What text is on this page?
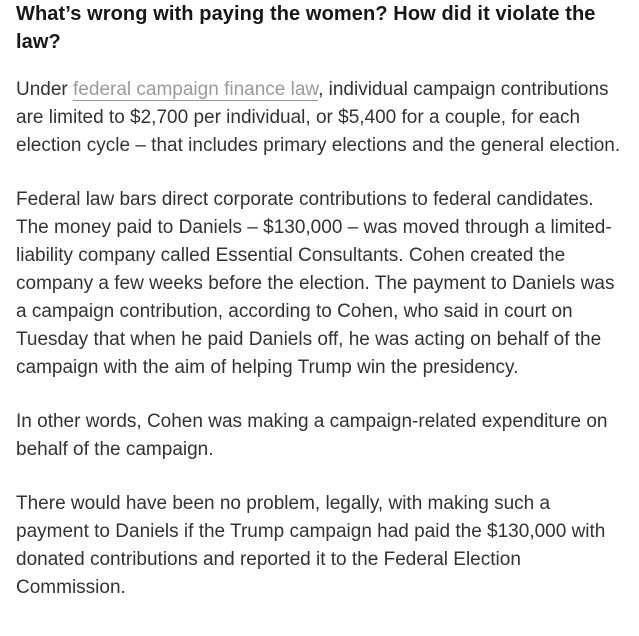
What’s wrong with paying the women? How did it violate the law?

Under federal campaign finance law, individual campaign contributions are limited to $2,700 per individual, or $5,400 for a couple, for each election cycle – that includes primary elections and the general election.

Federal law bars direct corporate contributions to federal candidates. The money paid to Daniels – $130,000 – was moved through a limited-liability company called Essential Consultants. Cohen created the company a few weeks before the election. The payment to Daniels was a campaign contribution, according to Cohen, who said in court on Tuesday that when he paid Daniels off, he was acting on behalf of the campaign with the aim of helping Trump win the presidency.

In other words, Cohen was making a campaign-related expenditure on behalf of the campaign.

There would have been no problem, legally, with making such a payment to Daniels if the Trump campaign had paid the $130,000 with donated contributions and reported it to the Federal Election Commission.
